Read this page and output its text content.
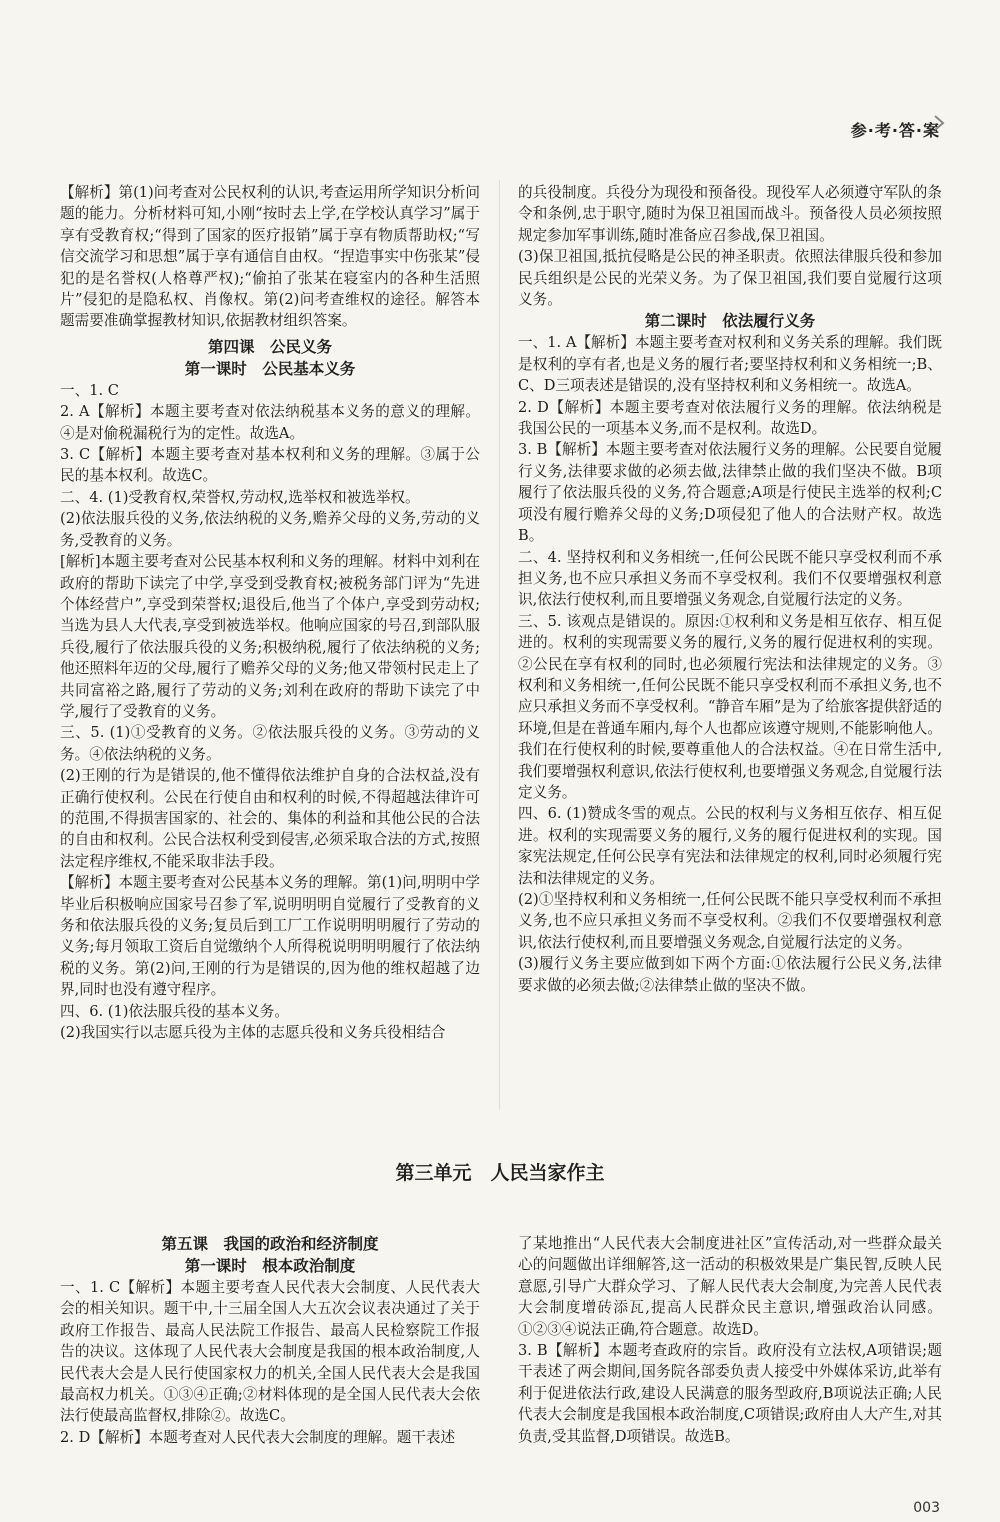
参·考·答·案

【解析】第(1)问考查对公民权利的认识,考查运用所学知识分析问题的能力。分析材料可知,小刚“按时去上学,在学校认真学习”属于享有受教育权;“得到了国家的医疗报销”属于享有物质帮助权;“写信交流学习和思想”属于享有通信自由权。“捏造事实中伤张某”侵犯的是名誉权(人格尊严权);“偷拍了张某在寝室内的各种生活照片”侵犯的是隐私权、肖像权。第(2)问考查维权的途径。解答本题需要准确掌握教材知识,依据教材组织答案。

第四课　公民义务

第一课时　公民基本义务

一、1. C

2. A【解析】本题主要考查对依法纳税基本义务的意义的理解。④是对偷税漏税行为的定性。故选A。

3. C【解析】本题主要考查对基本权利和义务的理解。③属于公民的基本权利。故选C。

二、4. (1)受教育权,荣誉权,劳动权,选举权和被选举权。

(2)依法服兵役的义务,依法纳税的义务,赡养父母的义务,劳动的义务,受教育的义务。

[解析]本题主要考查对公民基本权利和义务的理解。材料中刘利在政府的帮助下读完了中学,享受到受教育权;被税务部门评为“先进个体经营户”,享受到荣誉权;退役后,他当了个体户,享受到劳动权;当选为县人大代表,享受到被选举权。他响应国家的号召,到部队服兵役,履行了依法服兵役的义务;积极纳税,履行了依法纳税的义务;他还照料年迈的父母,履行了赡养父母的义务;他又带领村民走上了共同富裕之路,履行了劳动的义务;刘利在政府的帮助下读完了中学,履行了受教育的义务。

三、5. (1)①受教育的义务。②依法服兵役的义务。③劳动的义务。④依法纳税的义务。

(2)王刚的行为是错误的,他不懂得依法维护自身的合法权益,没有正确行使权利。公民在行使自由和权利的时候,不得超越法律许可的范围,不得损害国家的、社会的、集体的利益和其他公民的合法的自由和权利。公民合法权利受到侵害,必须采取合法的方式,按照法定程序维权,不能采取非法手段。

【解析】本题主要考查对公民基本义务的理解。第(1)问,明明中学毕业后积极响应国家号召参了军,说明明明自觉履行了受教育的义务和依法服兵役的义务;复员后到工厂工作说明明明履行了劳动的义务;每月领取工资后自觉缴纳个人所得税说明明明履行了依法纳税的义务。第(2)问,王刚的行为是错误的,因为他的维权超越了边界,同时也没有遵守程序。

四、6. (1)依法服兵役的基本义务。

(2)我国实行以志愿兵役为主体的志愿兵役和义务兵役相结合

的兵役制度。兵役分为现役和预备役。现役军人必须遵守军队的条令和条例,忠于职守,随时为保卫祖国而战斗。预备役人员必须按照规定参加军事训练,随时准备应召参战,保卫祖国。

(3)保卫祖国,抵抗侵略是公民的神圣职责。依照法律服兵役和参加民兵组织是公民的光荣义务。为了保卫祖国,我们要自觉履行这项义务。

第二课时　依法履行义务

一、1. A【解析】本题主要考查对权利和义务关系的理解。我们既是权利的享有者,也是义务的履行者;要坚持权利和义务相统一;B、C、D三项表述是错误的,没有坚持权利和义务相统一。故选A。

2. D【解析】本题主要考查对依法履行义务的理解。依法纳税是我国公民的一项基本义务,而不是权利。故选D。

3. B【解析】本题主要考查对依法履行义务的理解。公民要自觉履行义务,法律要求做的必须去做,法律禁止做的我们坚决不做。B项履行了依法服兵役的义务,符合题意;A项是行使民主选举的权利;C项没有履行赡养父母的义务;D项侵犯了他人的合法财产权。故选B。

二、4. 坚持权利和义务相统一,任何公民既不能只享受权利而不承担义务,也不应只承担义务而不享受权利。我们不仅要增强权利意识,依法行使权利,而且要增强义务观念,自觉履行法定的义务。

三、5. 该观点是错误的。原因:①权利和义务是相互依存、相互促进的。权利的实现需要义务的履行,义务的履行促进权利的实现。②公民在享有权利的同时,也必须履行宪法和法律规定的义务。③权利和义务相统一,任何公民既不能只享受权利而不承担义务,也不应只承担义务而不享受权利。“静音车厢”是为了给旅客提供舒适的环境,但是在普通车厢内,每个人也都应该遵守规则,不能影响他人。我们在行使权利的时候,要尊重他人的合法权益。④在日常生活中,我们要增强权利意识,依法行使权利,也要增强义务观念,自觉履行法定义务。

四、6. (1)赞成冬雪的观点。公民的权利与义务相互依存、相互促进。权利的实现需要义务的履行,义务的履行促进权利的实现。国家宪法规定,任何公民享有宪法和法律规定的权利,同时必须履行宪法和法律规定的义务。

(2)①坚持权利和义务相统一,任何公民既不能只享受权利而不承担义务,也不应只承担义务而不享受权利。②我们不仅要增强权利意识,依法行使权利,而且要增强义务观念,自觉履行法定的义务。

(3)履行义务主要应做到如下两个方面:①依法履行公民义务,法律要求做的必须去做;②法律禁止做的坚决不做。

第三单元　人民当家作主

第五课　我国的政治和经济制度

第一课时　根本政治制度

一、1. C【解析】本题主要考查人民代表大会制度、人民代表大会的相关知识。题干中,十三届全国人大五次会议表决通过了关于政府工作报告、最高人民法院工作报告、最高人民检察院工作报告的决议。这体现了人民代表大会制度是我国的根本政治制度,人民代表大会是人民行使国家权力的机关,全国人民代表大会是我国最高权力机关。①③④正确;②材料体现的是全国人民代表大会依法行使最高监督权,排除②。故选C。

2. D【解析】本题考查对人民代表大会制度的理解。题干表述

了某地推出“人民代表大会制度进社区”宣传活动,对一些群众最关心的问题做出详细解答,这一活动的积极效果是广集民智,反映人民意愿,引导广大群众学习、了解人民代表大会制度,为完善人民代表大会制度增砖添瓦,提高人民群众民主意识,增强政治认同感。①②③④说法正确,符合题意。故选D。

3. B【解析】本题考查政府的宗旨。政府没有立法权,A项错误;题干表述了两会期间,国务院各部委负责人接受中外媒体采访,此举有利于促进依法行政,建设人民满意的服务型政府,B项说法正确;人民代表大会制度是我国根本政治制度,C项错误;政府由人大产生,对其负责,受其监督,D项错误。故选B。

003
